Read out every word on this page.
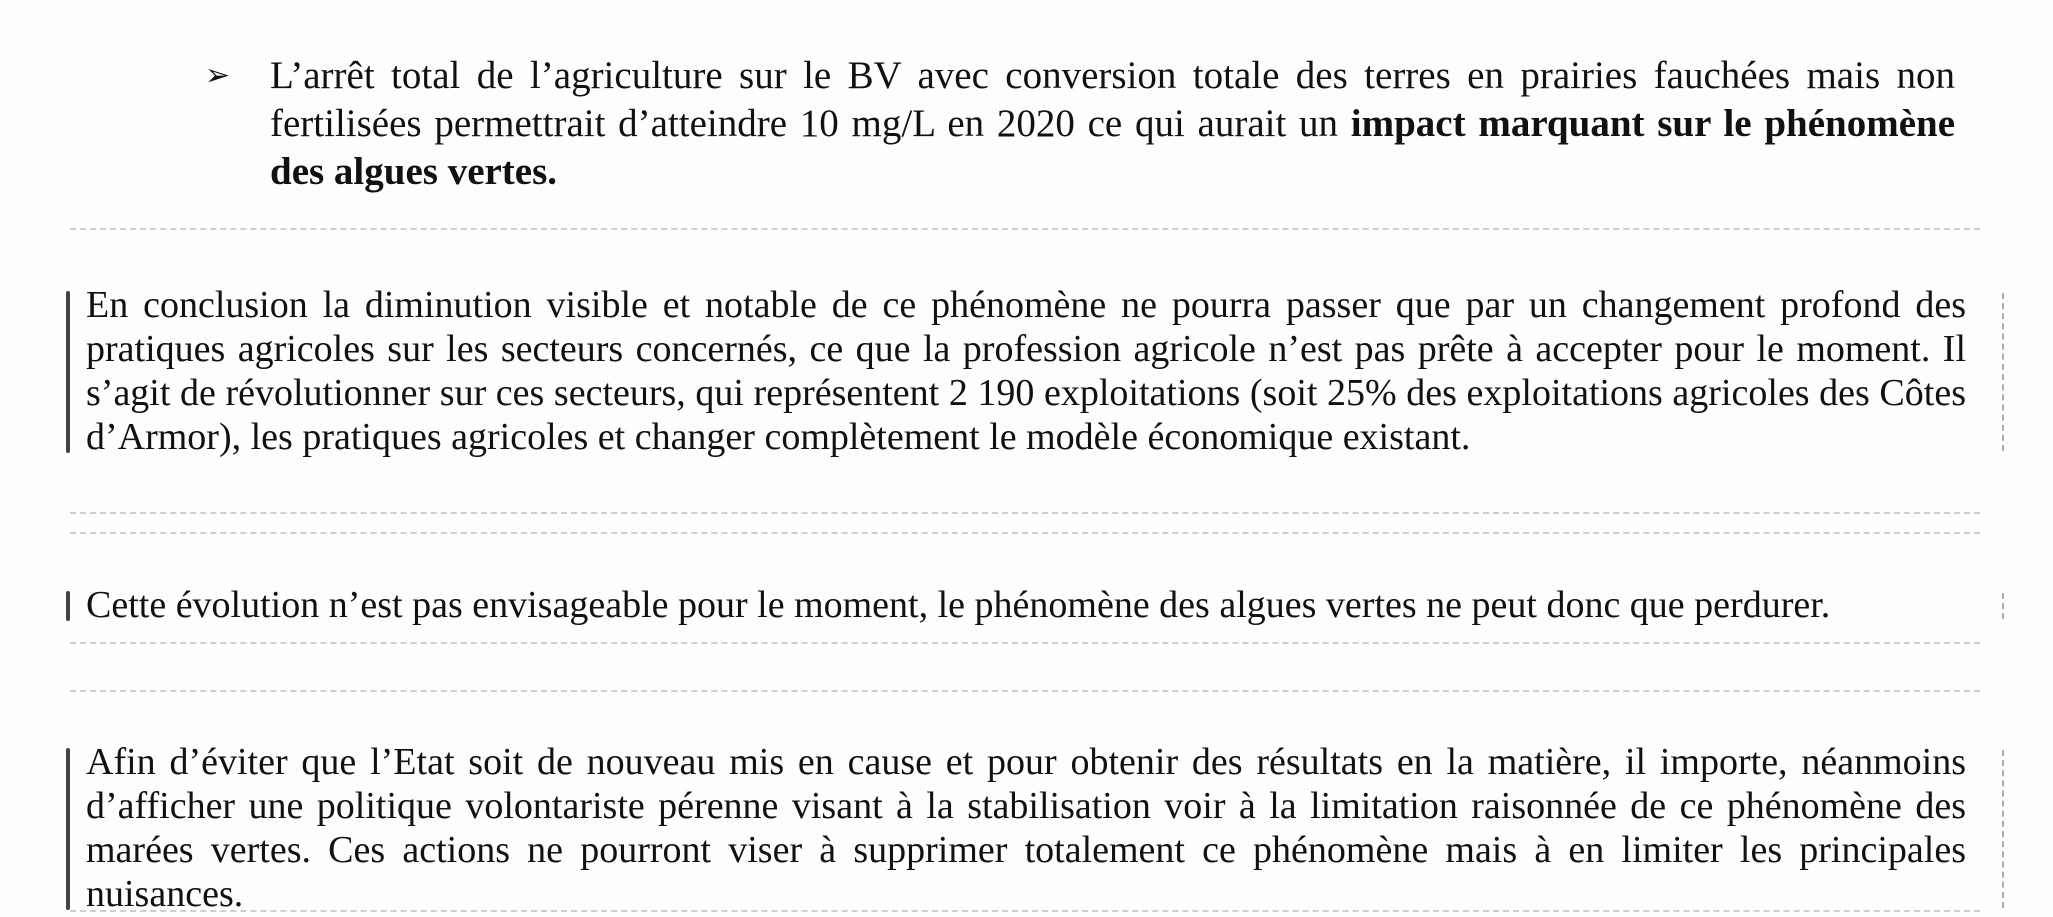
➢ L’arrêt total de l’agriculture sur le BV avec conversion totale des terres en prairies fauchées mais non fertilisées permettrait d’atteindre 10 mg/L en 2020 ce qui aurait un impact marquant sur le phénomène des algues vertes.

En conclusion la diminution visible et notable de ce phénomène ne pourra passer que par un changement profond des pratiques agricoles sur les secteurs concernés, ce que la profession agricole n’est pas prête à accepter pour le moment. Il s’agit de révolutionner sur ces secteurs, qui représentent 2 190 exploitations (soit 25% des exploitations agricoles des Côtes d’Armor), les pratiques agricoles et changer complètement le modèle économique existant.

Cette évolution n’est pas envisageable pour le moment, le phénomène des algues vertes ne peut donc que perdurer.

Afin d’éviter que l’Etat soit de nouveau mis en cause et pour obtenir des résultats en la matière, il importe, néanmoins d’afficher une politique volontariste pérenne visant à la stabilisation voir à la limitation raisonnée de ce phénomène des marées vertes. Ces actions ne pourront viser à supprimer totalement ce phénomène mais à en limiter les principales nuisances.
